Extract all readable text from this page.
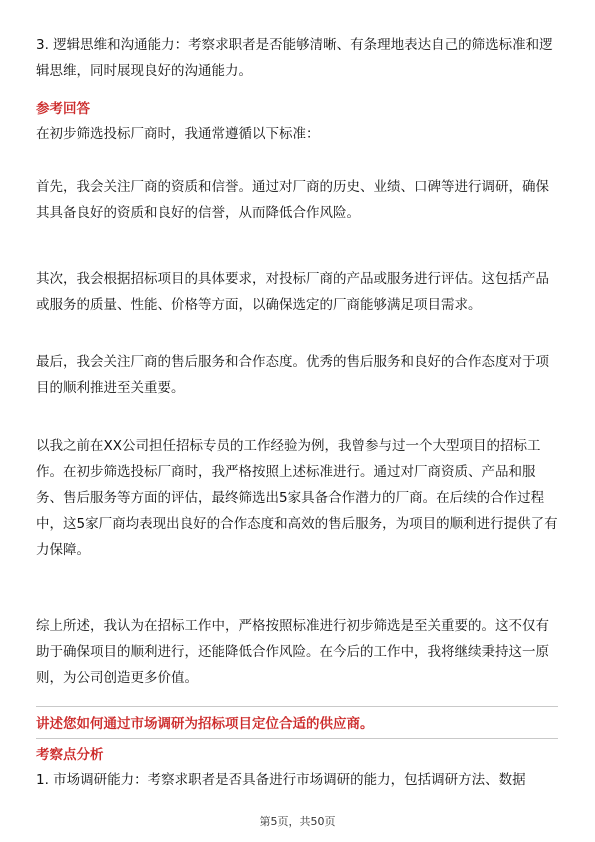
3. 逻辑思维和沟通能力：考察求职者是否能够清晰、有条理地表达自己的筛选标准和逻辑思维，同时展现良好的沟通能力。

参考回答

在初步筛选投标厂商时，我通常遵循以下标准：

首先，我会关注厂商的资质和信誉。通过对厂商的历史、业绩、口碑等进行调研，确保其具备良好的资质和良好的信誉，从而降低合作风险。

其次，我会根据招标项目的具体要求，对投标厂商的产品或服务进行评估。这包括产品或服务的质量、性能、价格等方面，以确保选定的厂商能够满足项目需求。

最后，我会关注厂商的售后服务和合作态度。优秀的售后服务和良好的合作态度对于项目的顺利推进至关重要。

以我之前在XX公司担任招标专员的工作经验为例，我曾参与过一个大型项目的招标工作。在初步筛选投标厂商时，我严格按照上述标准进行。通过对厂商资质、产品和服务、售后服务等方面的评估，最终筛选出5家具备合作潜力的厂商。在后续的合作过程中，这5家厂商均表现出良好的合作态度和高效的售后服务，为项目的顺利进行提供了有力保障。

综上所述，我认为在招标工作中，严格按照标准进行初步筛选是至关重要的。这不仅有助于确保项目的顺利进行，还能降低合作风险。在今后的工作中，我将继续秉持这一原则，为公司创造更多价值。

讲述您如何通过市场调研为招标项目定位合适的供应商。

考察点分析

1. 市场调研能力：考察求职者是否具备进行市场调研的能力，包括调研方法、数据

第5页，共50页
